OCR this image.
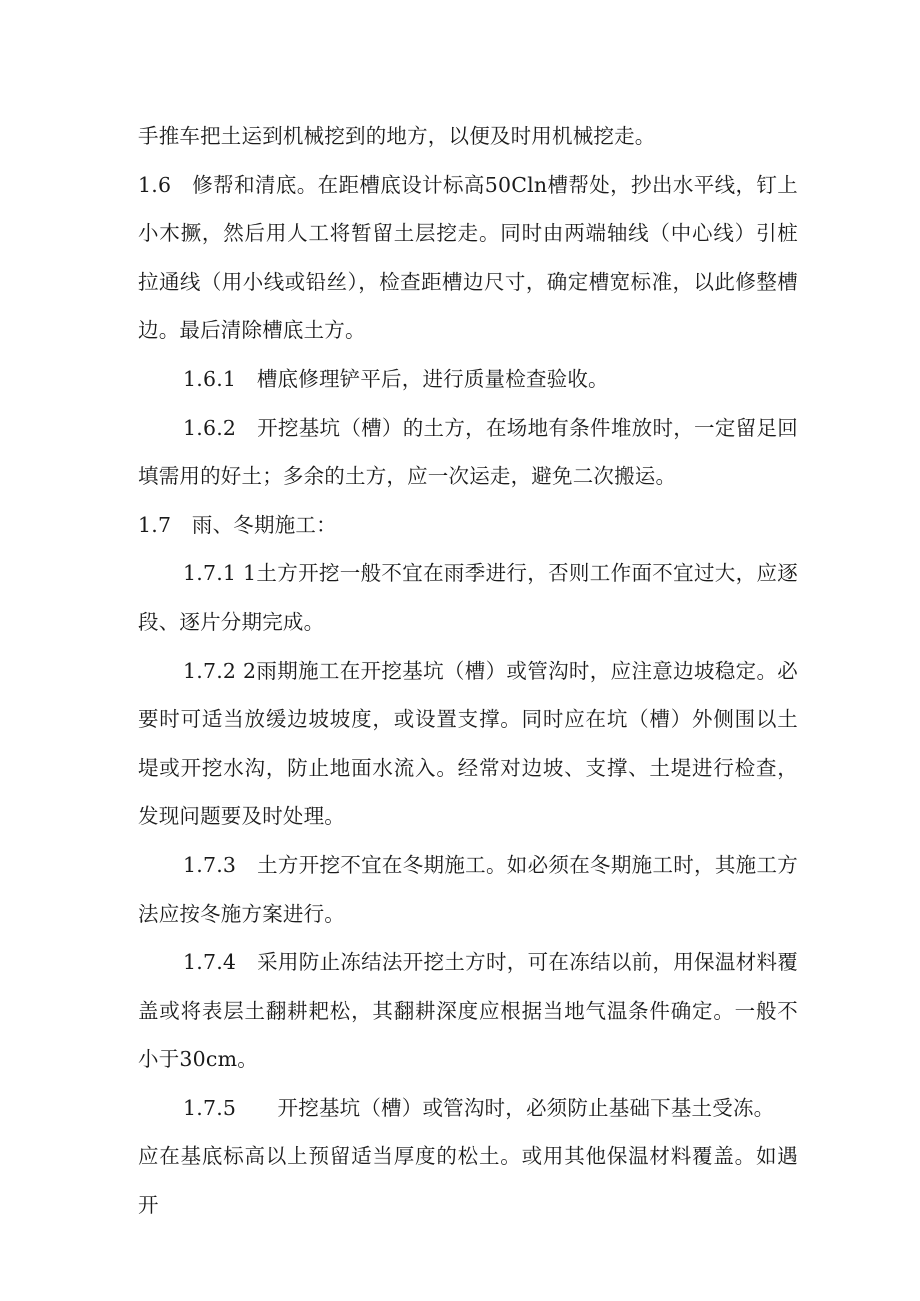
手推车把土运到机械挖到的地方，以便及时用机械挖走。

1.6　修帮和清底。在距槽底设计标高50Cln槽帮处，抄出水平线，钉上小木撅，然后用人工将暂留土层挖走。同时由两端轴线（中心线）引桩拉通线（用小线或铅丝），检查距槽边尺寸，确定槽宽标准，以此修整槽边。最后清除槽底土方。

1.6.1　槽底修理铲平后，进行质量检查验收。

1.6.2　开挖基坑（槽）的土方，在场地有条件堆放时，一定留足回填需用的好土；多余的土方，应一次运走，避免二次搬运。

1.7　雨、冬期施工：

1.7.1 1土方开挖一般不宜在雨季进行，否则工作面不宜过大，应逐段、逐片分期完成。

1.7.2 2雨期施工在开挖基坑（槽）或管沟时，应注意边坡稳定。必要时可适当放缓边坡坡度，或设置支撑。同时应在坑（槽）外侧围以土堤或开挖水沟，防止地面水流入。经常对边坡、支撑、土堤进行检查，发现问题要及时处理。

1.7.3　土方开挖不宜在冬期施工。如必须在冬期施工时，其施工方法应按冬施方案进行。

1.7.4　采用防止冻结法开挖土方时，可在冻结以前，用保温材料覆盖或将表层土翻耕耙松，其翻耕深度应根据当地气温条件确定。一般不小于30cm。

1.7.5　　开挖基坑（槽）或管沟时，必须防止基础下基土受冻。

应在基底标高以上预留适当厚度的松土。或用其他保温材料覆盖。如遇开
